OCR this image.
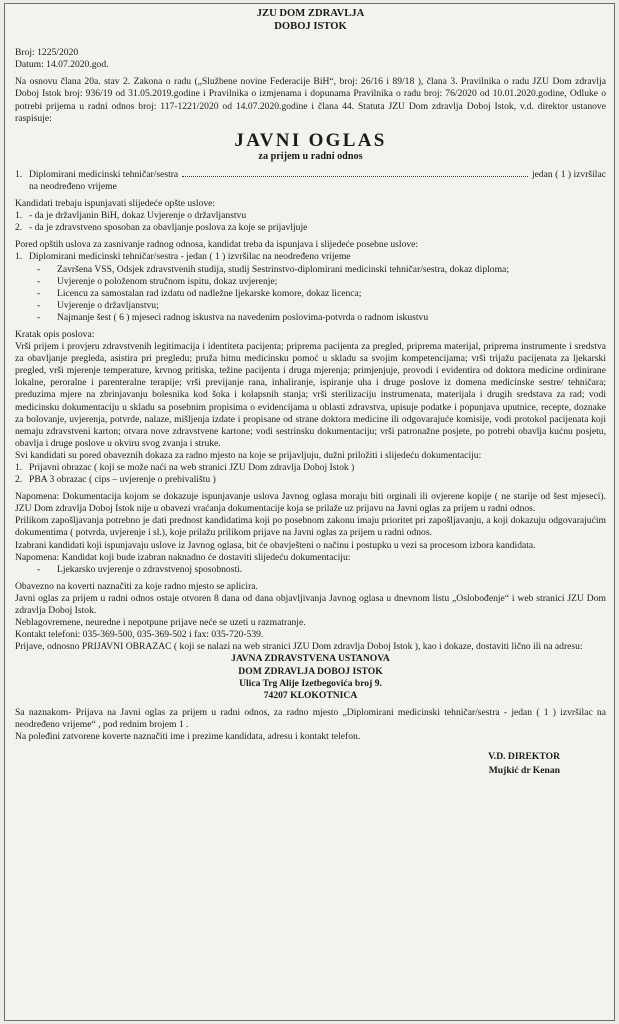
JZU DOM ZDRAVLJA
DOBOJ ISTOK
Broj: 1225/2020
Datum: 14.07.2020.god.

Na osnovu člana 20a. stav 2. Zakona o radu („Službene novine Federacije BiH“, broj: 26/16 i 89/18 ), člana 3. Pravilnika o radu JZU Dom zdravlja Doboj Istok broj: 936/19 od 31.05.2019.godine i Pravilnika o izmjenama i dopunama Pravilnika o radu broj: 76/2020 od 10.01.2020.godine, Odluke o potrebi prijema u radni odnos broj: 117-1221/2020 od 14.07.2020.godine i člana 44. Statuta JZU Dom zdravlja Doboj Istok, v.d. direktor ustanove raspisuje:

JAVNI OGLAS
za prijem u radni odnos
1. Diplomirani medicinski tehničar/sestra	jedan ( 1 ) izvršilac
na neodređeno vrijeme
Kandidati trebaju ispunjavati slijedeće opšte uslove:
1. - da je državljanin BiH, dokaz Uvjerenje o državljanstvu
2. - da je zdravstveno sposoban za obavljanje poslova za koje se prijavljuje
Pored opštih uslova za zasnivanje radnog odnosa, kandidat treba da ispunjava i slijedeće posebne uslove:
1. Diplomirani medicinski tehničar/sestra - jedan ( 1 ) izvršilac na neodređeno vrijeme
-	Završena VSS, Odsjek zdravstvenih studija, studij Sestrinstvo-diplomirani medicinski tehničar/sestra, dokaz diploma;
-	Uvjerenje o položenom stručnom ispitu, dokaz uvjerenje;
-	Licencu za samostalan rad izdatu od nadležne ljekarske komore, dokaz licenca;
-	Uvjerenje o državljanstvu;
-	Najmanje šest ( 6 ) mjeseci radnog iskustva na navedenim poslovima-potvrda o radnom iskustvu
Kratak opis poslova:

Vrši prijem i provjeru zdravstvenih legitimacija i identiteta pacijenta; priprema pacijenta za pregled, priprema materijal, priprema instrumente i sredstva za obavljanje pregleda, asistira pri pregledu; pruža hitnu medicinsku pomoć u skladu sa svojim kompetencijama; vrši trijažu pacijenata za ljekarski pregled, vrši mjerenje temperature, krvnog pritiska, težine pacijenta i druga mjerenja; primjenjuje, provodi i evidentira od doktora medicine ordinirane lokalne, peroralne i parenteralne terapije; vrši previjanje rana, inhaliranje, ispiranje uha i druge poslove iz domena medicinske sestre/ tehničara; preduzima mjere na zbrinjavanju bolesnika kod šoka i kolapsnih stanja; vrši sterilizaciju instrumenata, materijala i drugih sredstava za rad; vodi medicinsku dokumentaciju u skladu sa posebnim propisima o evidencijama u oblasti zdravstva, upisuje podatke i popunjava uputnice, recepte, doznake za bolovanje, uvjerenja, potvrde, nalaze, mišljenja izdate i propisane od strane doktora medicine ili odgovarajuće komisije, vodi protokol pacijenata koji nemaju zdravstveni karton; otvara nove zdravstvene kartone; vodi sestrinsku dokumentaciju; vrši patronažne posjete, po potrebi obavlja kućnu posjetu, obavlja i druge poslove u okviru svog zvanja i struke.

Svi kandidati su pored obaveznih dokaza za radno mjesto na koje se prijavljuju, dužni priložiti i slijedeću dokumentaciju:

1. Prijavni obrazac ( koji se može naći na web stranici JZU Dom zdravlja Doboj Istok )
2. PBA 3 obrazac ( cips – uvjerenje o prebivalištu )

Napomena: Dokumentacija kojom se dokazuje ispunjavanje uslova Javnog oglasa moraju biti orginali ili ovjerene kopije ( ne starije od šest mjeseci). JZU Dom zdravlja Doboj Istok nije u obavezi vraćanja dokumentacije koja se prilaže uz prijavu na Javni oglas za prijem u radni odnos.

Prilikom zapošljavanja potrebno je dati prednost kandidatima koji po posebnom zakonu imaju prioritet pri zapošljavanju, a koji dokazuju odgovarajućim dokumentima ( potvrda, uvjerenje i sl.), koje prilažu prilikom prijave na Javni oglas za prijem u radni odnos.

Izabrani kandidati koji ispunjavaju uslove iz Javnog oglasa, bit će obavješteni o načinu i postupku u vezi sa procesom izbora kandidata.

Napomena: Kandidat koji bude izabran naknadno će dostaviti slijedeću dokumentaciju:

-	Ljekarsko uvjerenje o zdravstvenoj sposobnosti.

Obavezno na koverti naznačiti za koje radno mjesto se aplicira.

Javni oglas za prijem u radni odnos ostaje otvoren 8 dana od dana objavljivanja Javnog oglasa u dnevnom listu „Oslobođenje“ i web stranici JZU Dom zdravlja Doboj Istok.

Neblagovremene, neuredne i nepotpune prijave neće se uzeti u razmatranje.

Kontakt telefoni: 035-369-500, 035-369-502 i fax: 035-720-539.

Prijave, odnosno PRIJAVNI OBRAZAC ( koji se nalazi na web stranici JZU Dom zdravlja Doboj Istok ), kao i dokaze, dostaviti lično ili na adresu:

JAVNA ZDRAVSTVENA USTANOVA
DOM ZDRAVLJA DOBOJ ISTOK
Ulica Trg Alije Izetbegovića broj 9.
74207 KLOKOTNICA

Sa naznakom- Prijava na Javni oglas za prijem u radni odnos, za radno mjesto „Diplomirani medicinski tehničar/sestra - jedan ( 1 ) izvršilac na neodređeno vrijeme“ , pod rednim brojem 1 .

Na poleđini zatvorene koverte naznačiti ime i prezime kandidata, adresu i kontakt telefon.

V.D. DIREKTOR
Mujkić dr Kenan
